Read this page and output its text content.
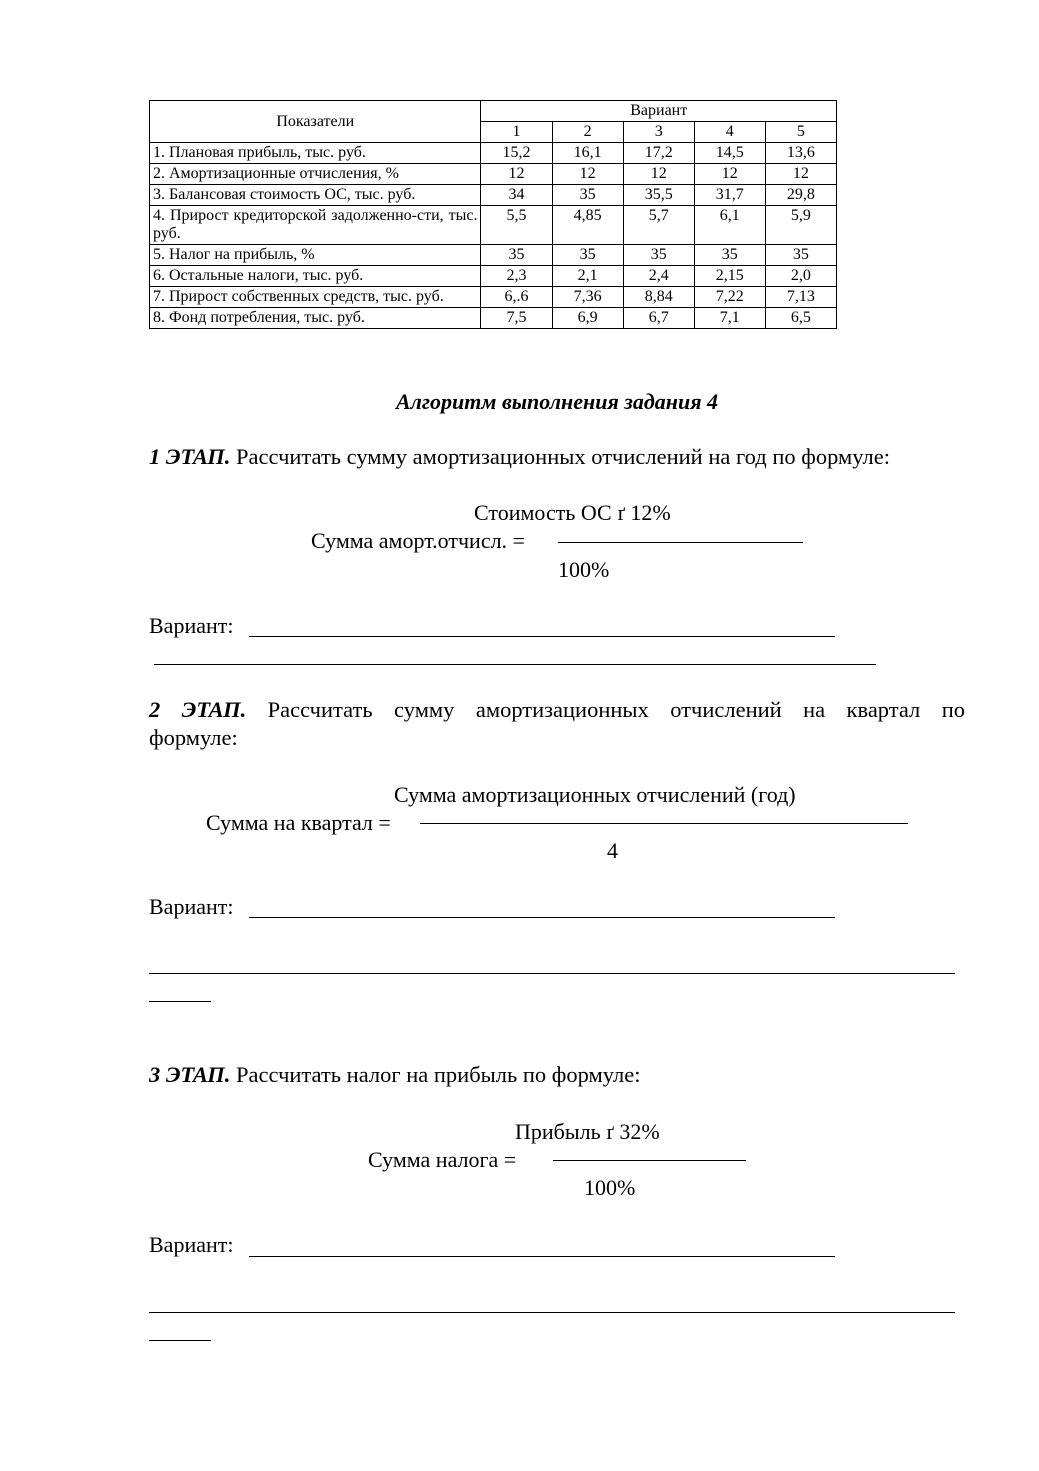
Показатели	Вариант				
	1	2	3	4	5
1. Плановая прибыль, тыс. руб.	15,2	16,1	17,2	14,5	13,6
2. Амортизационные отчисления, %	12	12	12	12	12
3. Балансовая стоимость ОС, тыс. руб.	34	35	35,5	31,7	29,8
4. Прирост кредиторской задолженно-сти, тыс. руб.	5,5	4,85	5,7	6,1	5,9
5. Налог на прибыль, %	35	35	35	35	35
6. Остальные налоги, тыс. руб.	2,3	2,1	2,4	2,15	2,0
7. Прирост собственных средств, тыс. руб.	6,.6	7,36	8,84	7,22	7,13
8. Фонд потребления, тыс. руб.	7,5	6,9	6,7	7,1	6,5
Алгоритм выполнения задания 4
1 ЭТАП. Рассчитать сумму амортизационных отчислений на год по формуле:
Стоимость ОС ґ 12%
Сумма аморт.отчисл. =
100%
Вариант:
2 ЭТАП. Рассчитать сумму амортизационных отчислений на квартал по
формуле:
Сумма амортизационных отчислений (год)
Сумма на квартал =
4
Вариант:
3 ЭТАП. Рассчитать налог на прибыль по формуле:
Прибыль ґ 32%
Сумма налога =
100%
Вариант:
